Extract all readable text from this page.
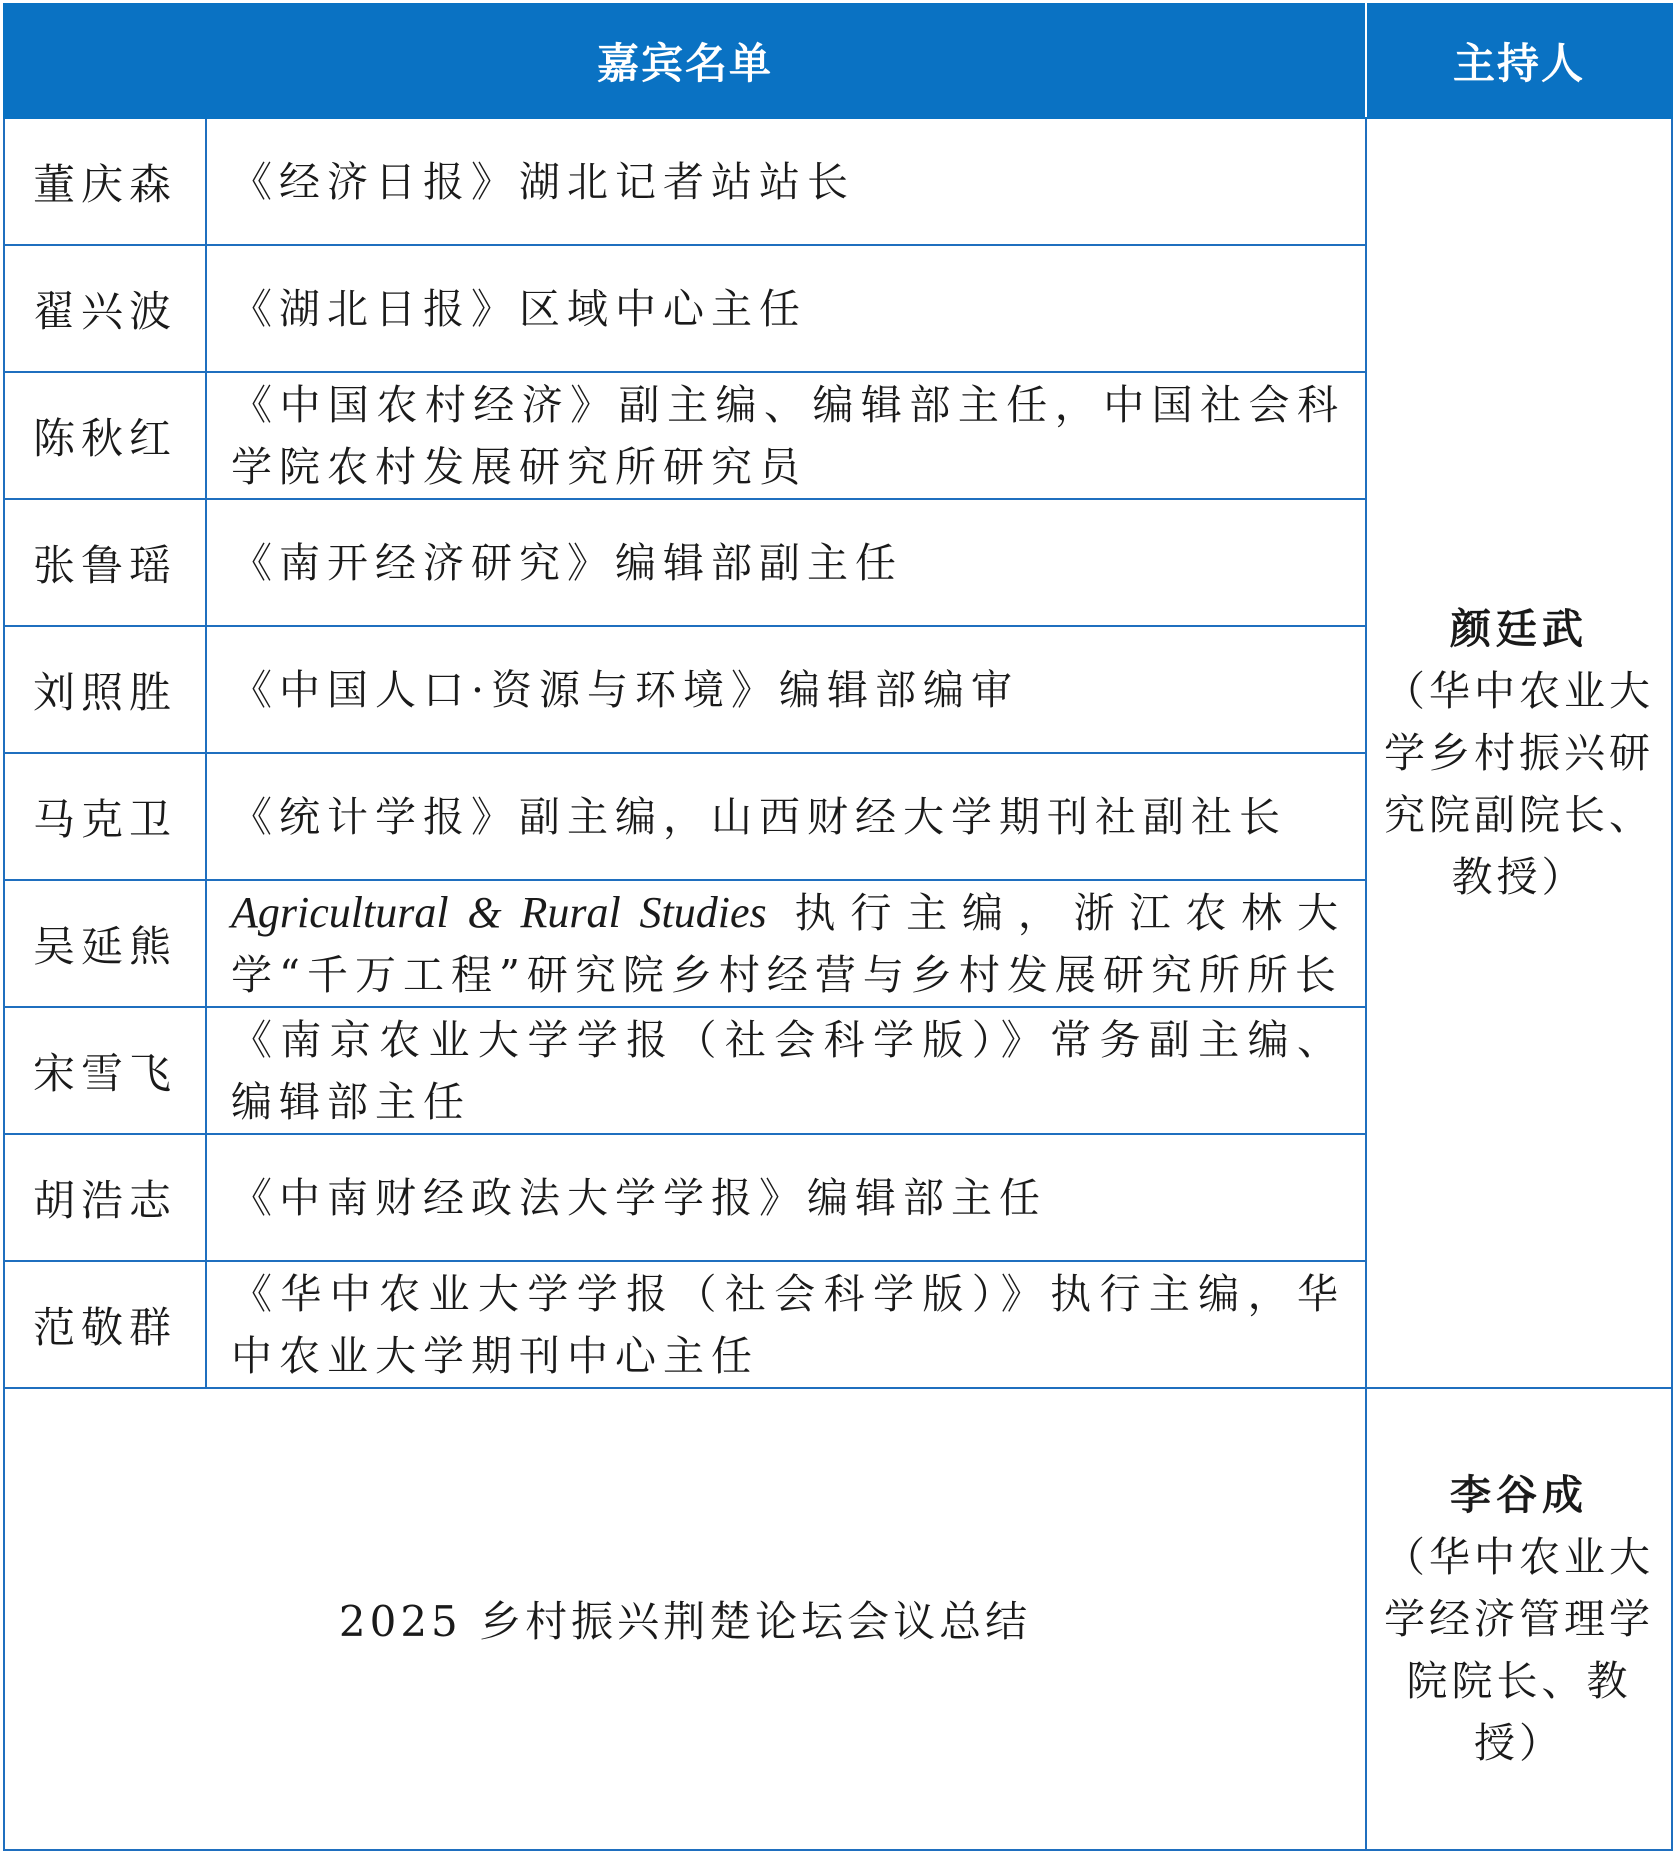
嘉宾名单		主持人
董庆森	《经济日报》湖北记者站站长	颜廷武
（华中农业大学乡村振兴研究院副院长、教授）

翟兴波	《湖北日报》区域中心主任	
陈秋红	《中国农村经济》副主编、编辑部主任，中国社会科学院农村发展研究所研究员	
张鲁瑶	《南开经济研究》编辑部副主任	
刘照胜	《中国人口·资源与环境》编辑部编审	
马克卫	《统计学报》副主编，山西财经大学期刊社副社长	
吴延熊	Agricultural & Rural Studies 执行主编，浙江农林大学“千万工程”研究院乡村经营与乡村发展研究所所长	
宋雪飞	《南京农业大学学报（社会科学版）》常务副主编、编辑部主任	
胡浩志	《中南财经政法大学学报》编辑部主任	
范敬群	《华中农业大学学报（社会科学版）》执行主编，华中农业大学期刊中心主任	
2025 乡村振兴荆楚论坛会议总结		李谷成
（华中农业大学经济管理学院院长、教授）
